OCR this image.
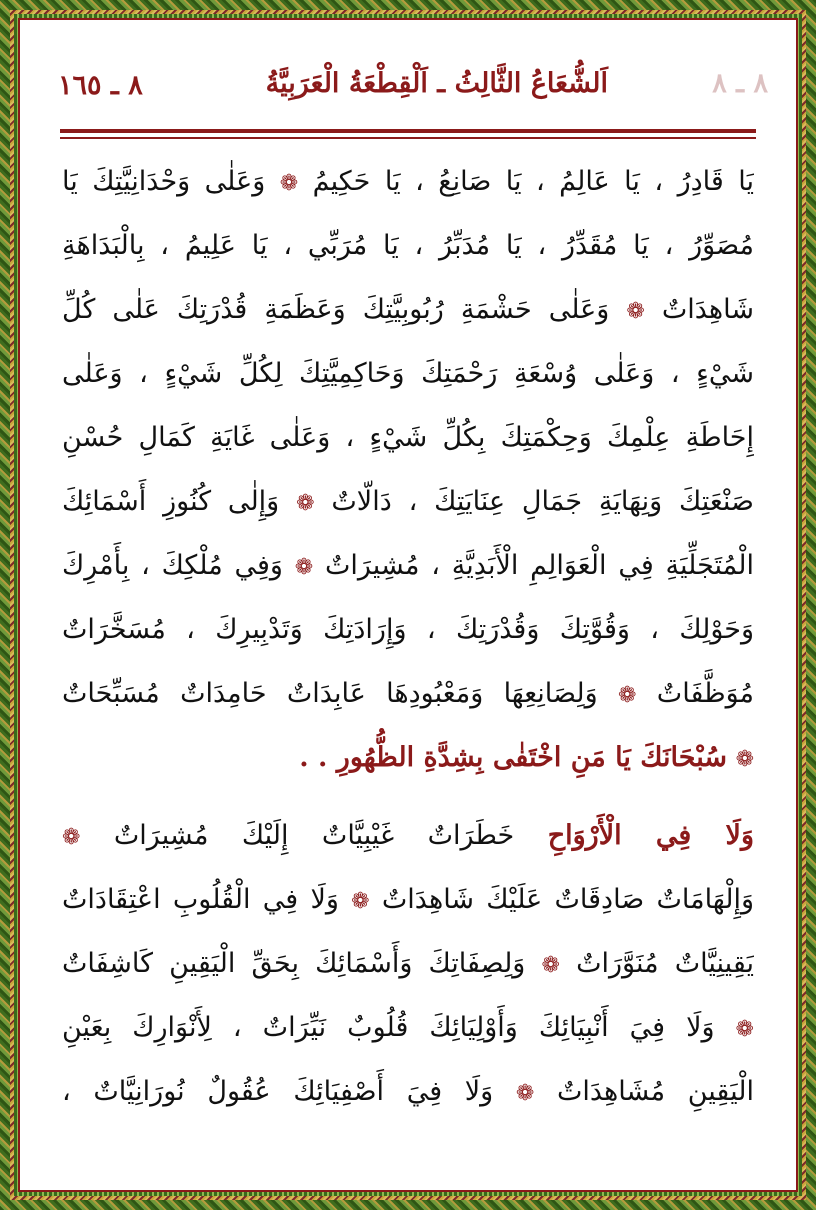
٨ ـ ٨
اَلشُّعَاعُ الثَّالِثُ ـ اَلْقِطْعَةُ الْعَرَبِيَّةُ
٨ ـ ١٦٥
يَا قَادِرُ ، يَا عَالِمُ ، يَا صَانِعُ ، يَا حَكِيمُ ❁ وَعَلٰى وَحْدَانِيَّتِكَ يَا
مُصَوِّرُ ، يَا مُقَدِّرُ ، يَا مُدَبِّرُ ، يَا مُرَبِّي ، يَا عَلِيمُ ، بِالْبَدَاهَةِ
شَاهِدَاتٌ ❁ وَعَلٰى حَشْمَةِ رُبُوبِيَّتِكَ وَعَظَمَةِ قُدْرَتِكَ عَلٰى كُلِّ
شَيْءٍ ، وَعَلٰى وُسْعَةِ رَحْمَتِكَ وَحَاكِمِيَّتِكَ لِكُلِّ شَيْءٍ ، وَعَلٰى
إِحَاطَةِ عِلْمِكَ وَحِكْمَتِكَ بِكُلِّ شَيْءٍ ، وَعَلٰى غَايَةِ كَمَالِ حُسْنِ
صَنْعَتِكَ وَنِهَايَةِ جَمَالِ عِنَايَتِكَ ، دَالّاتٌ ❁ وَإِلٰى كُنُوزِ أَسْمَائِكَ
الْمُتَجَلِّيَةِ فِي الْعَوَالِمِ الْأَبَدِيَّةِ ، مُشِيرَاتٌ ❁ وَفِي مُلْكِكَ ، بِأَمْرِكَ
وَحَوْلِكَ ، وَقُوَّتِكَ وَقُدْرَتِكَ ، وَإِرَادَتِكَ وَتَدْبِيرِكَ ، مُسَخَّرَاتٌ
مُوَظَّفَاتٌ ❁ وَلِصَانِعِهَا وَمَعْبُودِهَا عَابِدَاتٌ حَامِدَاتٌ مُسَبِّحَاتٌ
❁ سُبْحَانَكَ يَا مَنِ اخْتَفٰى بِشِدَّةِ الظُّهُورِ . .
وَلَا فِي الْأَرْوَاحِ خَطَرَاتٌ غَيْبِيَّاتٌ إِلَيْكَ مُشِيرَاتٌ ❁
وَإِلْهَامَاتٌ صَادِقَاتٌ عَلَيْكَ شَاهِدَاتٌ ❁ وَلَا فِي الْقُلُوبِ اعْتِقَادَاتٌ
يَقِينِيَّاتٌ مُنَوَّرَاتٌ ❁ وَلِصِفَاتِكَ وَأَسْمَائِكَ بِحَقِّ الْيَقِينِ كَاشِفَاتٌ
❁ وَلَا فِيَ أَنْبِيَائِكَ وَأَوْلِيَائِكَ قُلُوبٌ نَيِّرَاتٌ ، لِأَنْوَارِكَ بِعَيْنِ
الْيَقِينِ مُشَاهِدَاتٌ ❁ وَلَا فِيَ أَصْفِيَائِكَ عُقُولٌ نُورَانِيَّاتٌ ،
